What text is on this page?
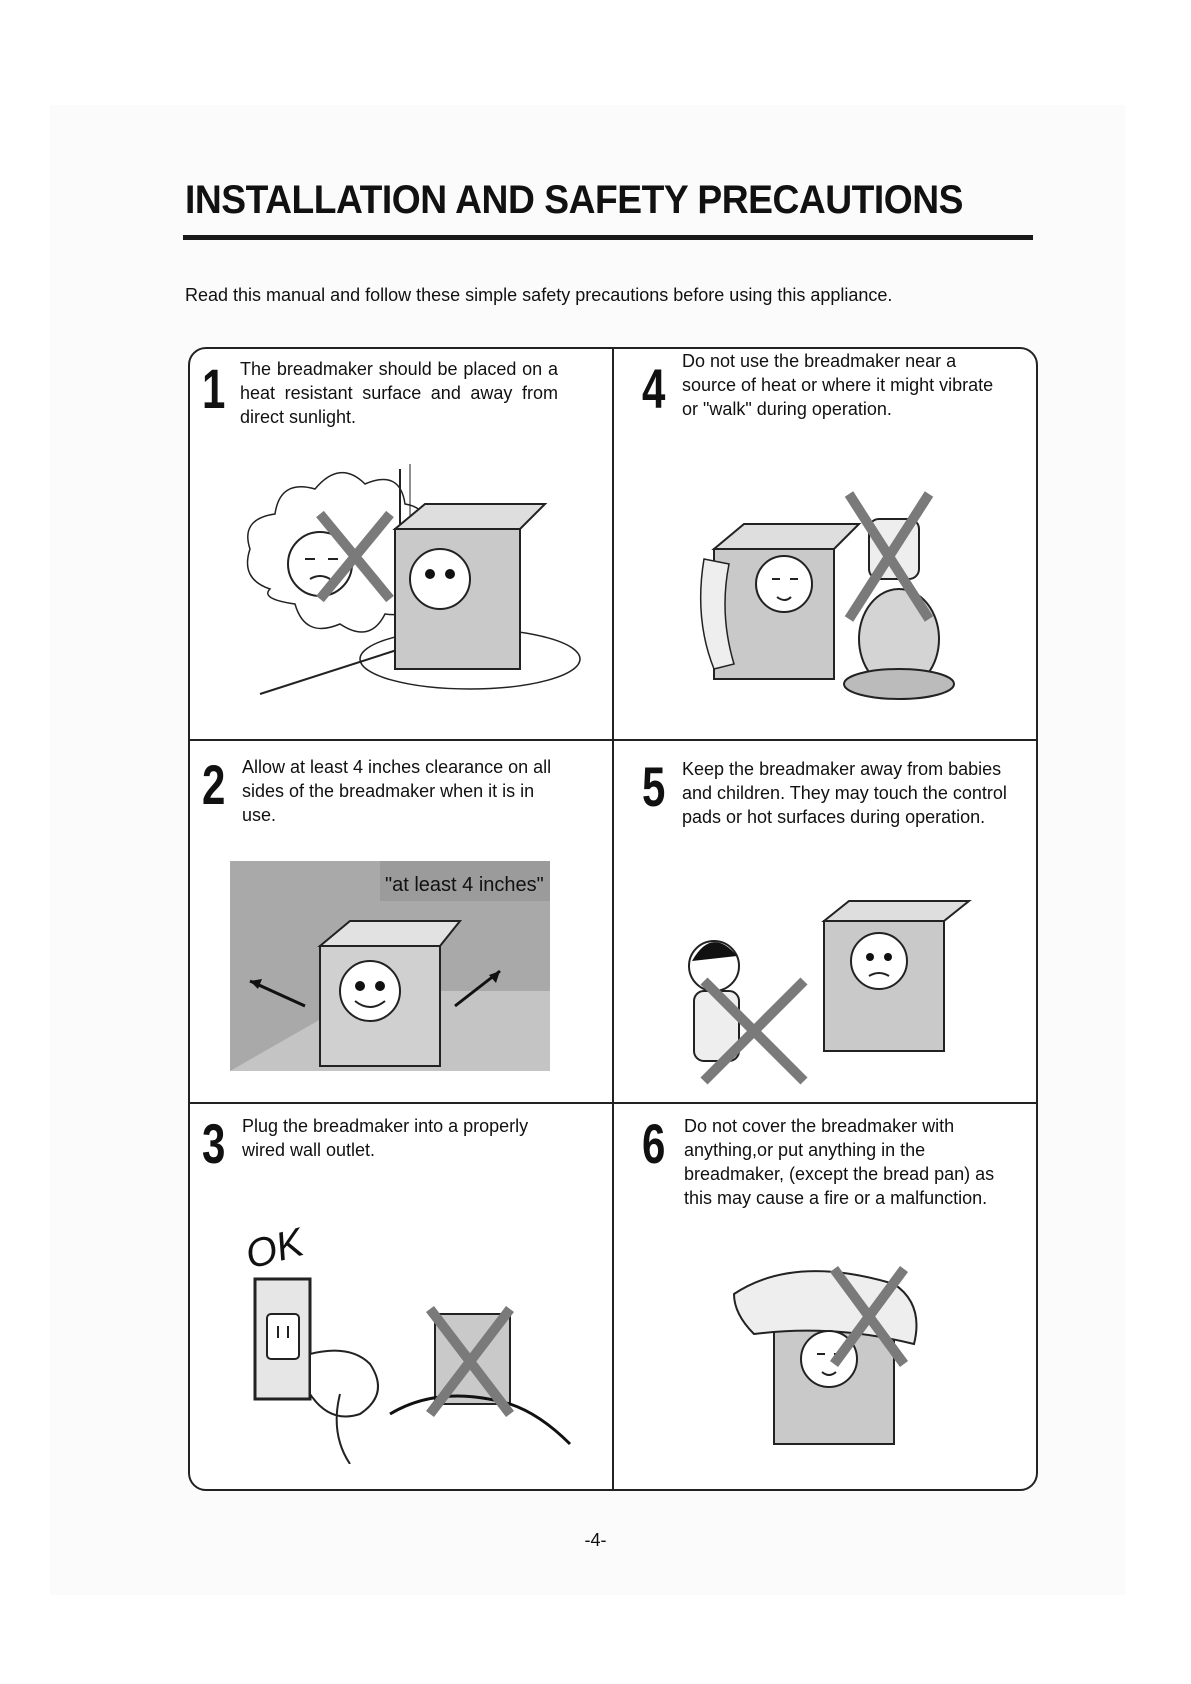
INSTALLATION AND SAFETY PRECAUTIONS
Read this manual and follow these simple safety precautions before using this appliance.
1 The breadmaker should be placed on a heat resistant surface and away from direct sunlight.	4 Do not use the breadmaker near a source of heat or where it might vibrate or "walk" during operation.
2 Allow at least 4 inches clearance on all sides of the breadmaker when it is in use.
"at least 4 inches"
5 Keep the breadmaker away from babies and children. They may touch the control pads or hot surfaces during operation.
3 Plug the breadmaker into a properly wired wall outlet.
OK
6 Do not cover the breadmaker with anything,or put anything in the breadmaker, (except the bread pan) as this may cause a fire or a malfunction.
-4-
